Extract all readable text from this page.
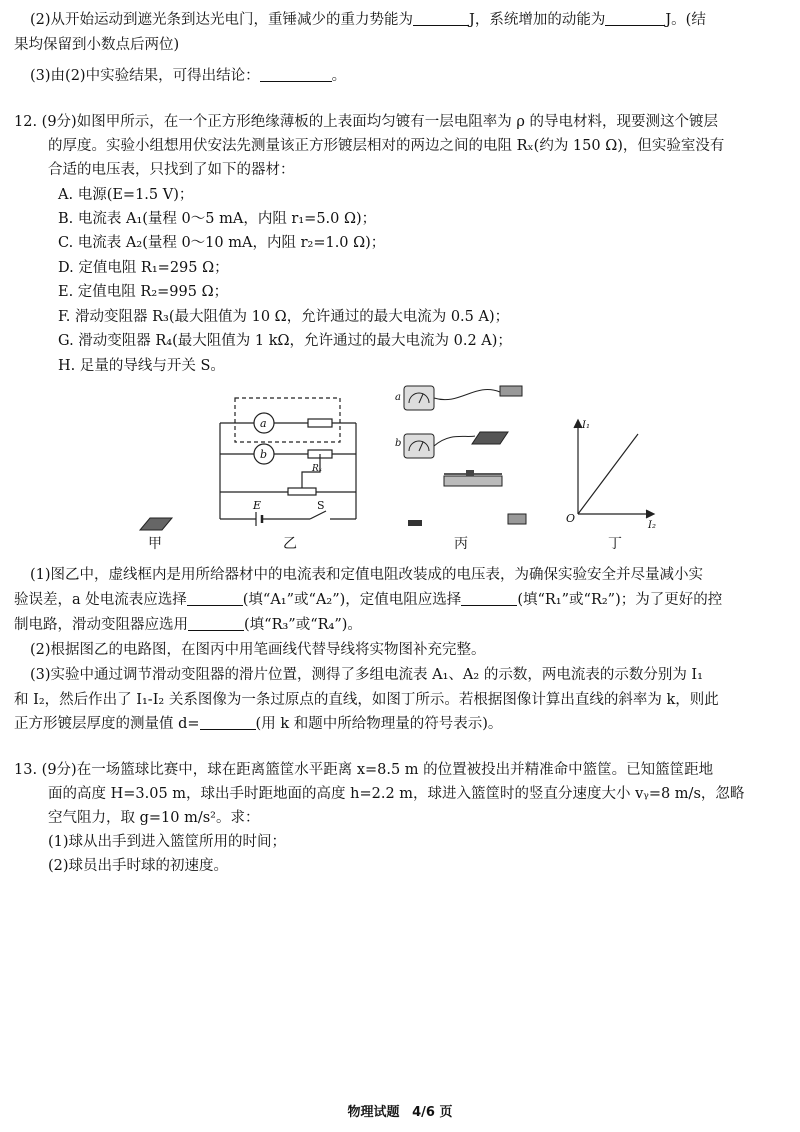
(2)从开始运动到遮光条到达光电门，重锤减少的重力势能为	J，系统增加的动能为	J。(结
果均保留到小数点后两位)
(3)由(2)中实验结果，可得出结论：	。
12. (9分)如图甲所示，在一个正方形绝缘薄板的上表面均匀镀有一层电阻率为 ρ 的导电材料，现要测这个镀层
的厚度。实验小组想用伏安法先测量该正方形镀层相对的两边之间的电阻 Rₓ(约为 150 Ω)，但实验室没有
合适的电压表，只找到了如下的器材：
A. 电源(E=1.5 V)；
B. 电流表 A₁(量程 0～5 mA，内阻 r₁=5.0 Ω)；
C. 电流表 A₂(量程 0～10 mA，内阻 r₂=1.0 Ω)；
D. 定值电阻 R₁=295 Ω；
E. 定值电阻 R₂=995 Ω；
F. 滑动变阻器 R₃(最大阻值为 10 Ω，允许通过的最大电流为 0.5 A)；
G. 滑动变阻器 R₄(最大阻值为 1 kΩ，允许通过的最大电流为 0.2 A)；
H. 足量的导线与开关 S。
a
b
Rₓ
E	S
a
b
I₁
I₂
O
甲	乙	丙	丁
(1)图乙中，虚线框内是用所给器材中的电流表和定值电阻改装成的电压表，为确保实验安全并尽量减小实
验误差，a 处电流表应选择	(填“A₁”或“A₂”)，定值电阻应选择	(填“R₁”或“R₂”)；为了更好的控
制电路，滑动变阻器应选用	(填“R₃”或“R₄”)。
(2)根据图乙的电路图，在图丙中用笔画线代替导线将实物图补充完整。
(3)实验中通过调节滑动变阻器的滑片位置，测得了多组电流表 A₁、A₂ 的示数，两电流表的示数分别为 I₁
和 I₂，然后作出了 I₁-I₂ 关系图像为一条过原点的直线，如图丁所示。若根据图像计算出直线的斜率为 k，则此
正方形镀层厚度的测量值 d=	(用 k 和题中所给物理量的符号表示)。
13. (9分)在一场篮球比赛中，球在距离篮筐水平距离 x=8.5 m 的位置被投出并精准命中篮筐。已知篮筐距地
面的高度 H=3.05 m，球出手时距地面的高度 h=2.2 m，球进入篮筐时的竖直分速度大小 vᵧ=8 m/s，忽略
空气阻力，取 g=10 m/s²。求：
(1)球从出手到进入篮筐所用的时间；
(2)球员出手时球的初速度。
物理试题 4/6 页
